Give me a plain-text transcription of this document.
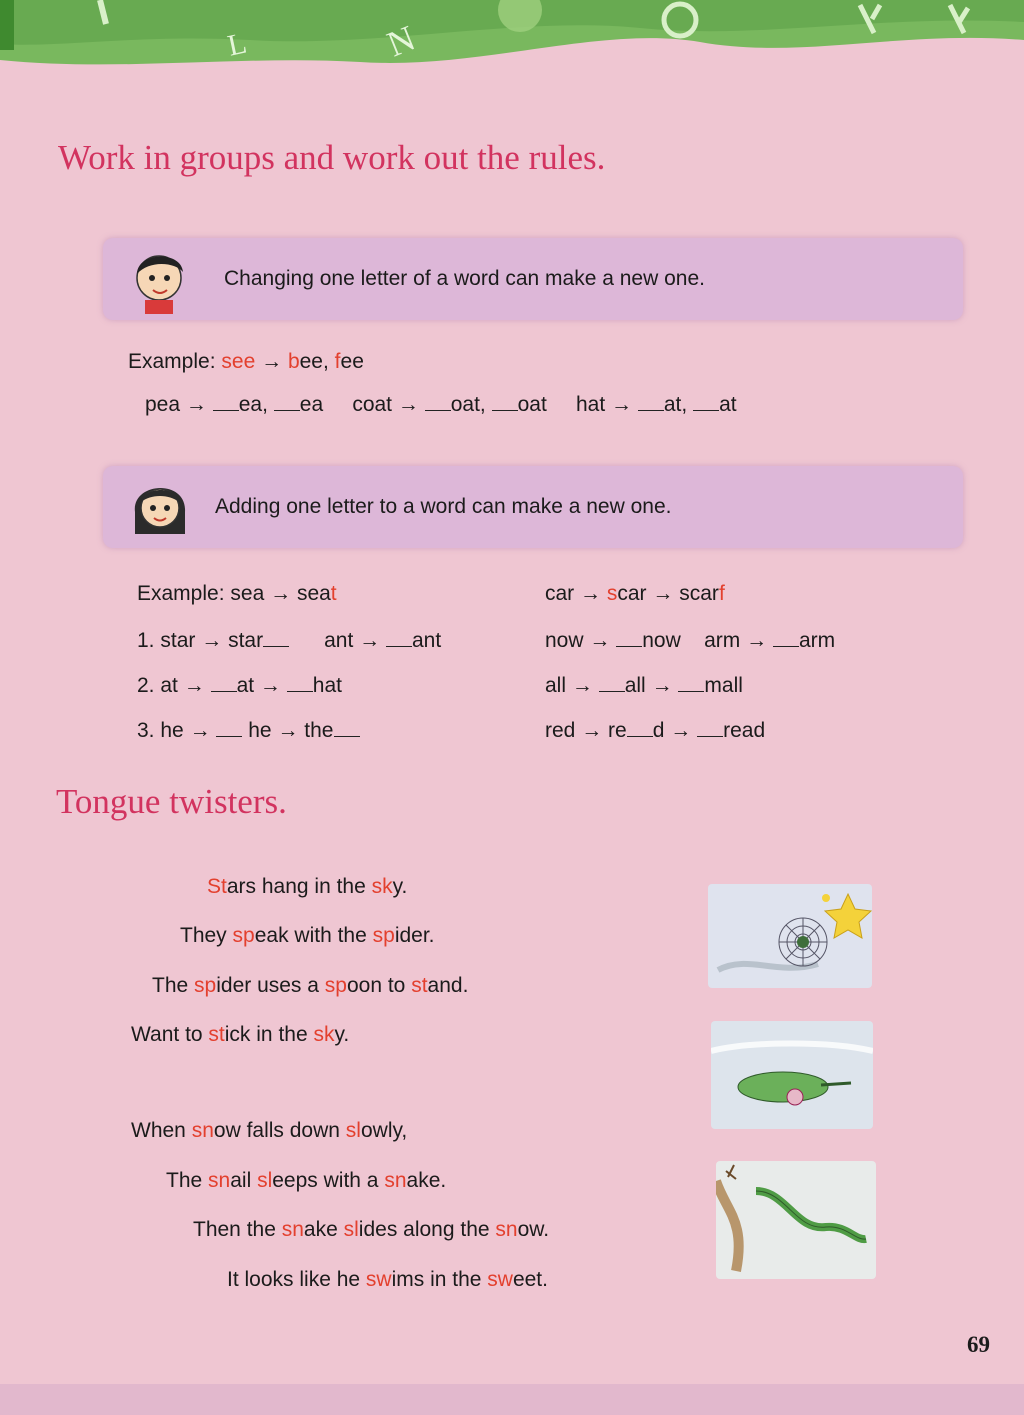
L	N
Work in groups and work out the rules.
Changing one letter of a word can make a new one.
Example: see → bee, fee
pea → ea, ea coat → oat, oat hat → at, at
Adding one letter to a word can make a new one.
Example: sea → seat	car → scar → scarf
1. star → star	ant → ant	now → now arm → arm
2. at → at → hat	all → all → mall
3. he → he → the	red → re d → read
Tongue twisters.
Stars hang in the sky.
They speak with the spider.
The spider uses a spoon to stand.
Want to stick in the sky.
When snow falls down slowly,
The snail sleeps with a snake.
Then the snake slides along the snow.
It looks like he swims in the sweet.
69
